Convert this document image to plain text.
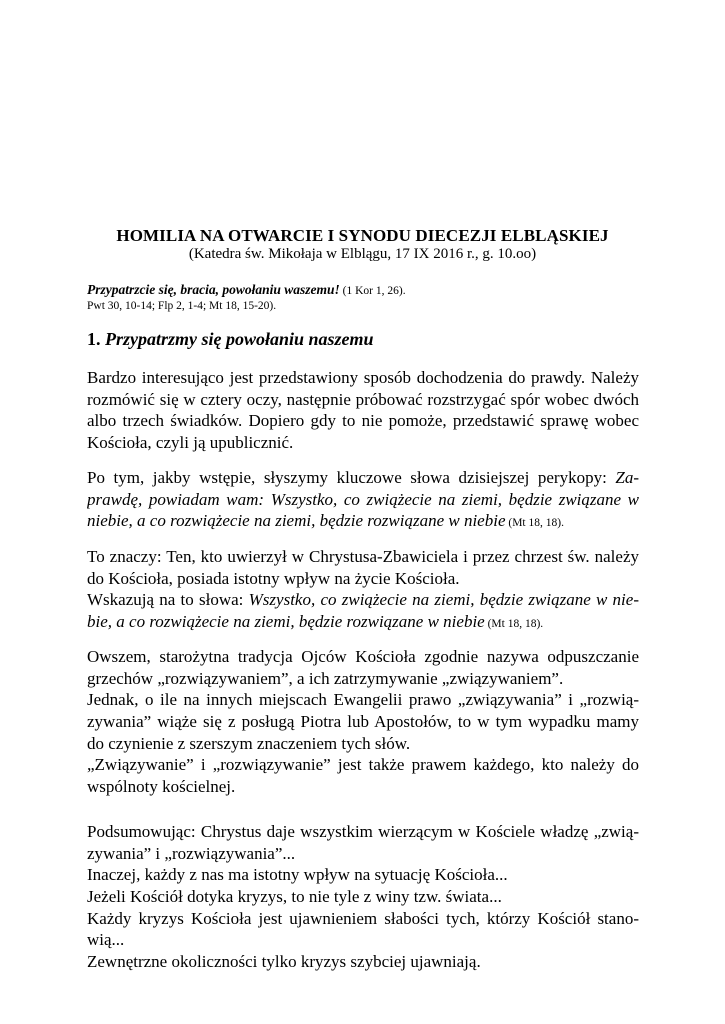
HOMILIA NA OTWARCIE I SYNODU DIECEZJI ELBLĄSKIEJ
(Katedra św. Mikołaja w Elblągu, 17 IX 2016 r., g. 10.oo)
Przypatrzcie się, bracia, powołaniu waszemu! (1 Kor 1, 26).
Pwt 30, 10-14; Flp 2, 1-4; Mt 18, 15-20).
1. Przypatrzmy się powołaniu naszemu
Bardzo interesująco jest przedstawiony sposób dochodzenia do prawdy. Należy
rozmówić się w cztery oczy, następnie próbować rozstrzygać spór wobec dwóch
albo trzech świadków. Dopiero gdy to nie pomoże, przedstawić sprawę wobec
Kościoła, czyli ją upublicznić.
Po tym, jakby wstępie, słyszymy kluczowe słowa dzisiejszej perykopy: Za-
prawdę, powiadam wam: Wszystko, co zwiążecie na ziemi, będzie związane w
niebie, a co rozwiążecie na ziemi, będzie rozwiązane w niebie (Mt 18, 18).
To znaczy: Ten, kto uwierzył w Chrystusa-Zbawiciela i przez chrzest św. należy
do Kościoła, posiada istotny wpływ na życie Kościoła.
Wskazują na to słowa: Wszystko, co zwiążecie na ziemi, będzie związane w nie-
bie, a co rozwiążecie na ziemi, będzie rozwiązane w niebie (Mt 18, 18).
Owszem, starożytna tradycja Ojców Kościoła zgodnie nazywa odpuszczanie
grzechów „rozwiązywaniem”, a ich zatrzymywanie „związywaniem”.
Jednak, o ile na innych miejscach Ewangelii prawo „związywania” i „rozwią-
zywania” wiąże się z posługą Piotra lub Apostołów, to w tym wypadku mamy
do czynienie z szerszym znaczeniem tych słów.
„Związywanie” i „rozwiązywanie” jest także prawem każdego, kto należy do
wspólnoty kościelnej.
Podsumowując: Chrystus daje wszystkim wierzącym w Kościele władzę „zwią-
zywania” i „rozwiązywania”...
Inaczej, każdy z nas ma istotny wpływ na sytuację Kościoła...
Jeżeli Kościół dotyka kryzys, to nie tyle z winy tzw. świata...
Każdy kryzys Kościoła jest ujawnieniem słabości tych, którzy Kościół stano-
wią...
Zewnętrzne okoliczności tylko kryzys szybciej ujawniają.
